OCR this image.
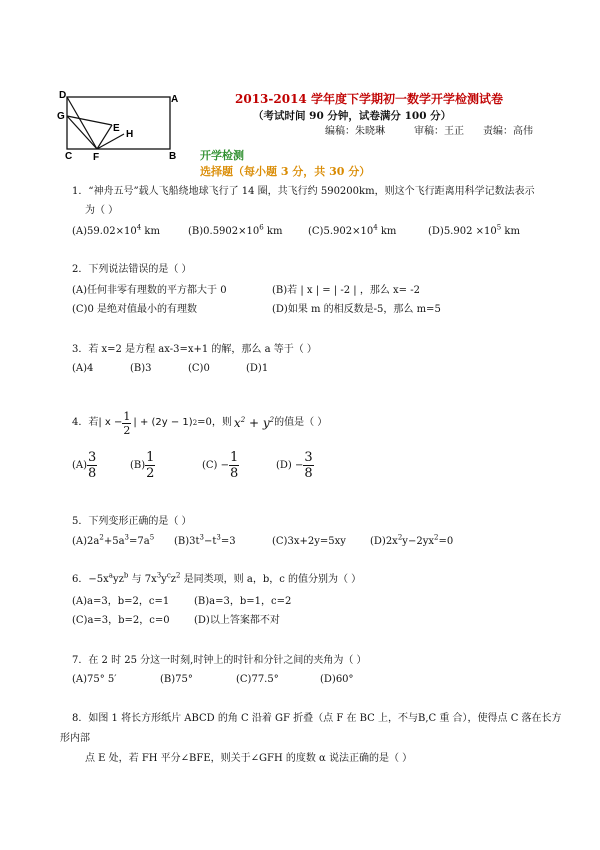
D	A
G
E
H
C F	B
2013-2014 学年度下学期初一数学开学检测试卷
（考试时间 90 分钟，试卷满分 100 分）
编稿：朱晓琳	审稿：王正 责编：高伟
开学检测
选择题（每小题 3 分，共 30 分）
1．“神舟五号”载人飞船绕地球飞行了 14 圈，共飞行约 590200km，则这个飞行距离用科学记数法表示
为（ ）
$(A)59.02\times 10^4$ km	$(B)0.5902\times 10^6$ km	$(C)5.902\times 10^4$ km	$(D)5.902 \times 10^5$ km
2．下列说法错误的是（ ）
(A)任何非零有理数的平方都大于 0	(B)若 | x | = | -2 | ，那么 x= -2
(C)0 是绝对值最小的有理数	(D)如果 m 的相反数是-5，那么 m=5
3．若 x=2 是方程 ax-3=x+1 的解，那么 a 等于（ ）
(A)4	(B)3	(C)0	(D)1
4．若 | $x - \frac{1}{2}$ | + (2y − 1) 2 =0，则 $x^2 + y^2$ 的值是（ ）
$(A) \frac{3}{8}$	$(B) \frac{1}{2}$	$(C) - \frac{1}{8}$	$(D) - \frac{3}{8}$
5．下列变形正确的是（ ）
$(A)2a^2+5a^3=7a^5$ $(B)3t^3-t^3=3$	(C)3x+2y=5xy $(D)2x^2y-2yx^2=0$
6．$-5x^ayz^b$ 与 $7x^3y^cz^2$ 是同类项，则 a，b，c 的值分别为（ ）
(A)a=3，b=2，c=1 (B)a=3，b=1，c=2
(C)a=3，b=2，c=0 (D)以上答案都不对
7．在 2 时 25 分这一时刻,时钟上的时针和分针之间的夹角为（ ）
(A)75° 5′	(B)75°	(C)77.5°	(D)60°
8．如图 1 将长方形纸片 ABCD 的角 C 沿着 GF 折叠（点 F 在 BC 上，不与B,C 重 合），使得点 C 落在长方
形内部
点 E 处，若 FH 平分∠BFE，则关于∠GFH 的度数 α 说法正确的是（ ）
